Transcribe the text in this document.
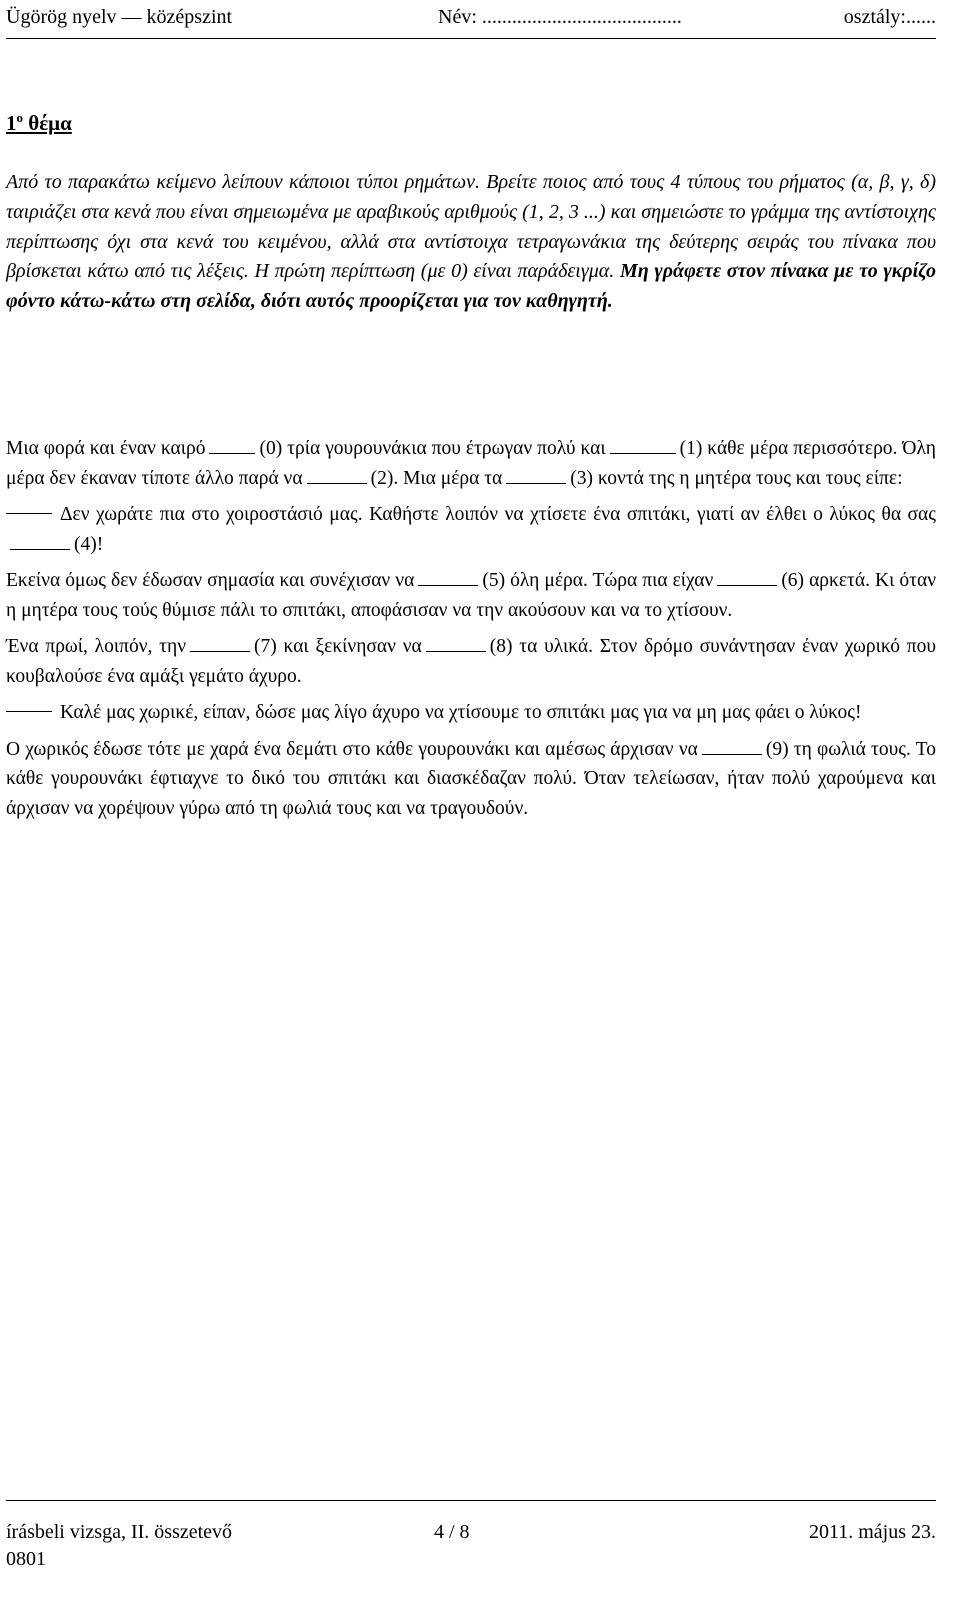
Ügörög nyelv — középszint	Név: ........................................	osztály:......
1$^o$ θέμα
Από το παρακάτω κείμενο λείπουν κάποιοι τύποι ρημάτων. Βρείτε ποιος από τους 4 τύπους του ρήματος (α, β, γ, δ) ταιριάζει στα κενά που είναι σημειωμένα με αραβικούς αριθμούς (1, 2, 3 ...) και σημειώστε το γράμμα της αντίστοιχης περίπτωσης όχι στα κενά του κειμένου, αλλά στα αντίστοιχα τετραγωνάκια της δεύτερης σειράς του πίνακα που βρίσκεται κάτω από τις λέξεις. Η πρώτη περίπτωση (με 0) είναι παράδειγμα. Μη γράφετε στον πίνακα με το γκρίζο φόντο κάτω-κάτω στη σελίδα, διότι αυτός προορίζεται για τον καθηγητή.

Μια φορά και έναν καιρό	(0) τρία γουρουνάκια που έτρωγαν πολύ και	(1) κάθε μέρα περισσότερο. Όλη μέρα δεν έκαναν τίποτε άλλο παρά να	(2). Μια μέρα τα	(3) κοντά της η μητέρα τους και τους είπε:

Δεν χωράτε πια στο χοιροστάσιό μας. Καθήστε λοιπόν να χτίσετε ένα σπιτάκι, γιατί αν έλθει ο λύκος θα σας(4)!

Εκείνα όμως δεν έδωσαν σημασία και συνέχισαν να	(5) όλη μέρα. Τώρα πια είχαν	(6) αρκετά. Κι όταν η μητέρα τους τούς θύμισε πάλι το σπιτάκι, αποφάσισαν να την ακούσουν και να το χτίσουν.

Ένα πρωί, λοιπόν, την	(7) και ξεκίνησαν να	(8) τα υλικά. Στον δρόμο συνάντησαν έναν χωρικό που κουβαλούσε ένα αμάξι γεμάτο άχυρο.

Καλέ μας χωρικέ, είπαν, δώσε μας λίγο άχυρο να χτίσουμε το σπιτάκι μας για να μη μας φάει ο λύκος!

Ο χωρικός έδωσε τότε με χαρά ένα δεμάτι στο κάθε γουρουνάκι και αμέσως άρχισαν να	(9) τη φωλιά τους. Το κάθε γουρουνάκι έφτιαχνε το δικό του σπιτάκι και διασκέδαζαν πολύ. Όταν τελείωσαν, ήταν πολύ χαρούμενα και άρχισαν να χορέψουν γύρω από τη φωλιά τους και να τραγουδούν.

írásbeli vizsga, II. összetevő	4 / 8	2011. május 23.
0801
